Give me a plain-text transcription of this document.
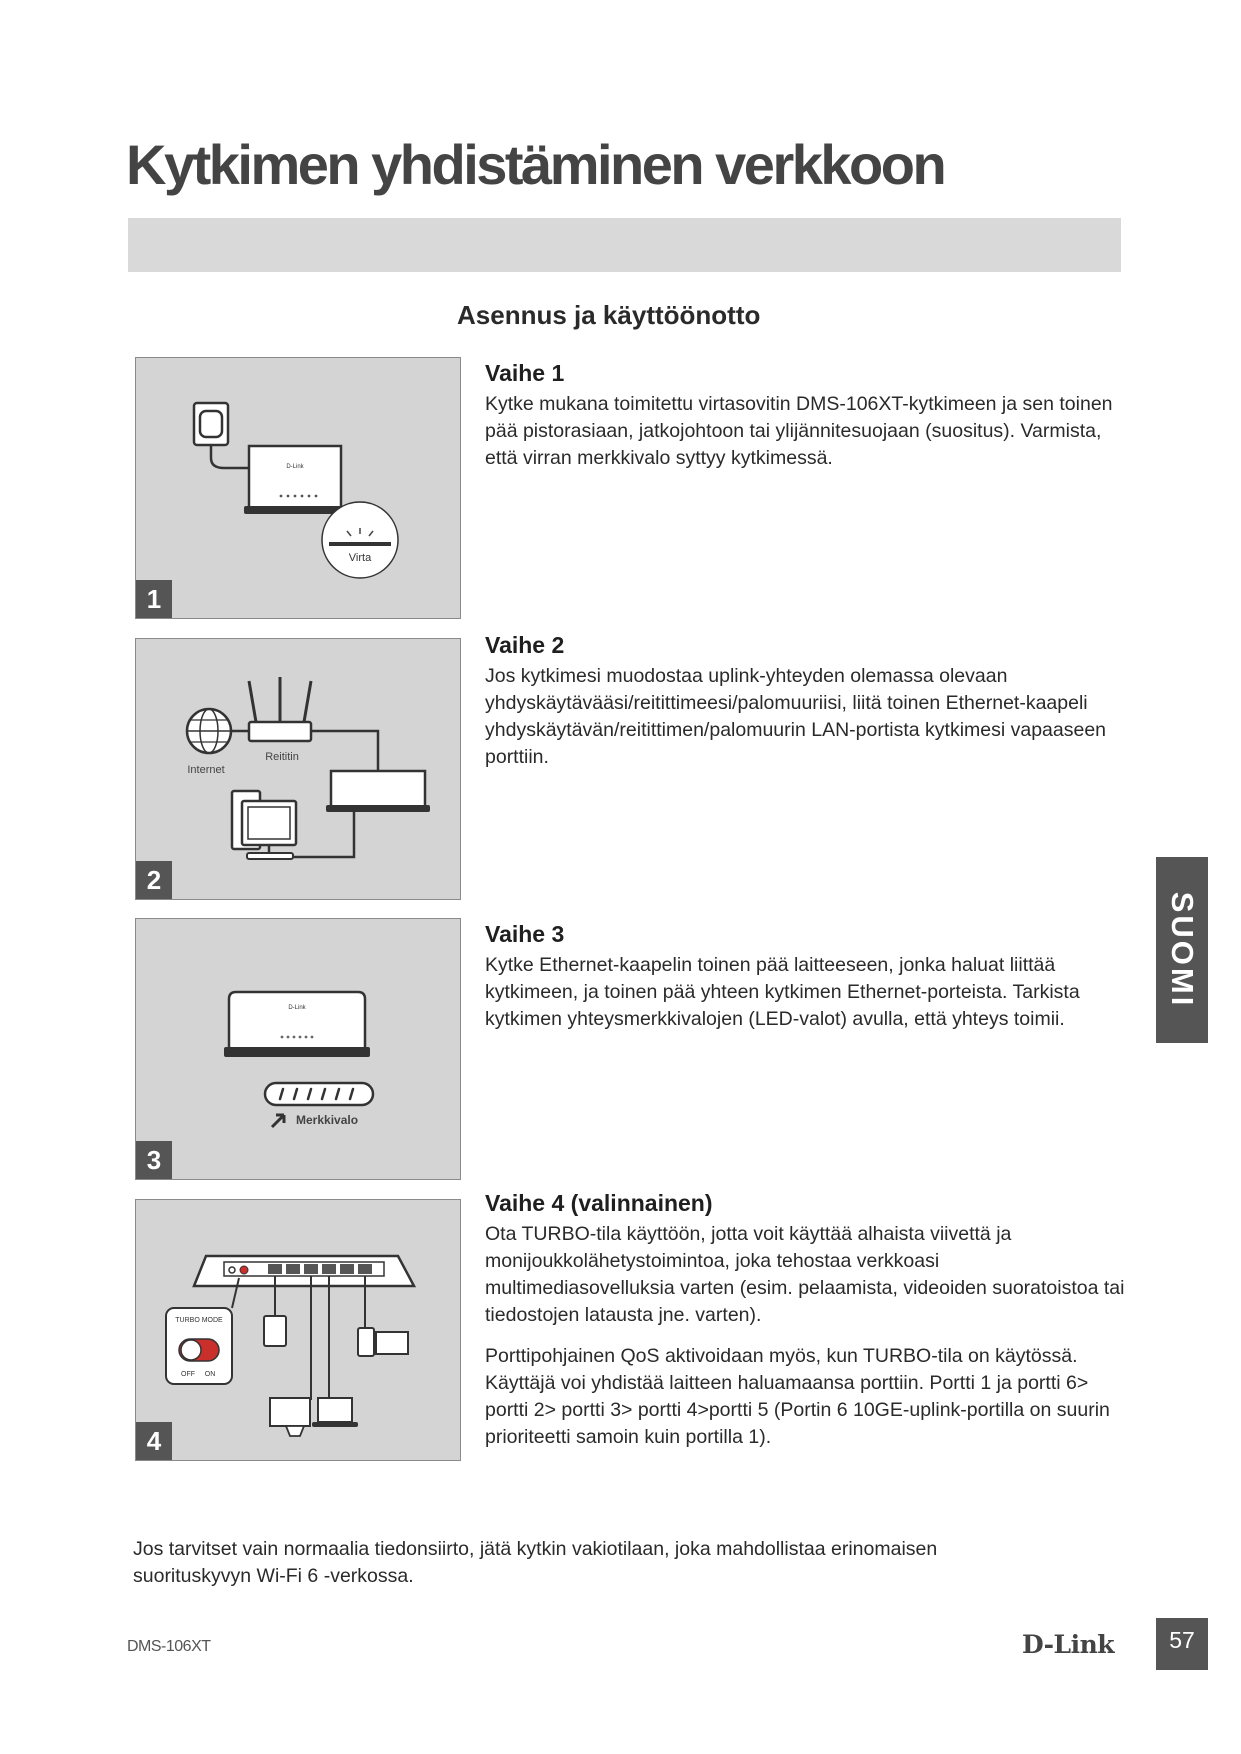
Kytkimen yhdistäminen verkkoon
Asennus ja käyttöönotto
D-Link
Virta
1
Vaihe 1

Kytke mukana toimitettu virtasovitin DMS-106XT-kytkimeen ja sen toinen pää pistorasiaan, jatkojohtoon tai ylijännitesuojaan (suositus). Varmista, että virran merkkivalo syttyy kytkimessä.

Internet
Reititin
2
Vaihe 2

Jos kytkimesi muodostaa uplink-yhteyden olemassa olevaan yhdyskäytävääsi/reitittimeesi/palomuuriisi, liitä toinen Ethernet-kaapeli yhdyskäytävän/reitittimen/palomuurin LAN-portista kytkimesi vapaaseen porttiin.

D-Link
Merkkivalo
3
Vaihe 3

Kytke Ethernet-kaapelin toinen pää laitteeseen, jonka haluat liittää kytkimeen, ja toinen pää yhteen kytkimen Ethernet-porteista. Tarkista kytkimen yhteysmerkkivalojen (LED-valot) avulla, että yhteys toimii.

TURBO MODE
OFF ON
4
Vaihe 4 (valinnainen)

Ota TURBO-tila käyttöön, jotta voit käyttää alhaista viivettä ja monijoukkolähetystoimintoa, joka tehostaa verkkoasi multimediasovelluksia varten (esim. pelaamista, videoiden suoratoistoa tai tiedostojen latausta jne. varten).

Porttipohjainen QoS aktivoidaan myös, kun TURBO-tila on käytössä. Käyttäjä voi yhdistää laitteen haluamaansa porttiin. Portti 1 ja portti 6> portti 2> portti 3> portti 4>portti 5 (Portin 6 10GE-uplink-portilla on suurin prioriteetti samoin kuin portilla 1).

Jos tarvitset vain normaalia tiedonsiirto, jätä kytkin vakiotilaan, joka mahdollistaa erinomaisen suorituskyvyn Wi-Fi 6 -verkossa.

SUOMI
DMS-106XT	D-Link	57
